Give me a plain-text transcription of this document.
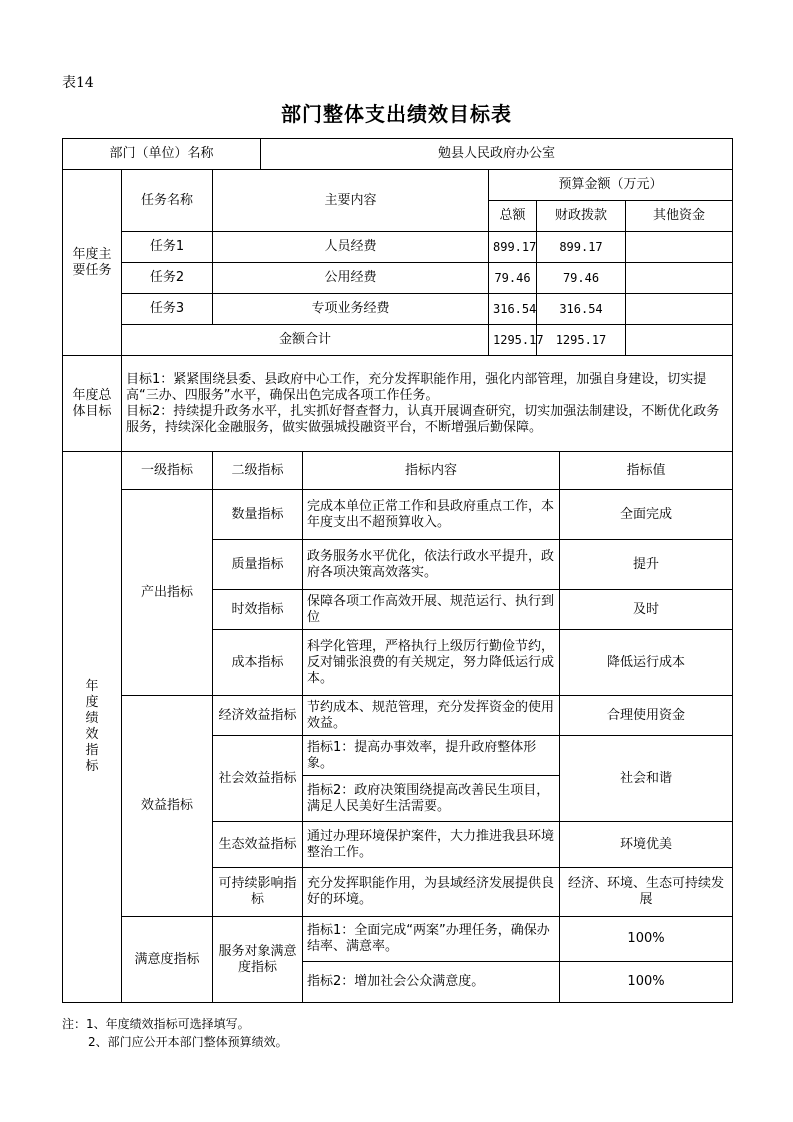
表14
部门整体支出绩效目标表
部门（单位）名称			勉县人民政府办公室					
年度主要任务	任务名称	主要内容			预算金额（万元）			
					总额	财政拨款		其他资金
	任务1	人员经费			899.17	899.17		
	任务2	公用经费			79.46	79.46		
	任务3	专项业务经费			316.54	316.54		
	金额合计				1295.17	1295.17		

年度总体目标	目标1：紧紧围绕县委、县政府中心工作，充分发挥职能作用，强化内部管理，加强自身建设，切实提高“三办、四服务”水平，确保出色完成各项工作任务。
目标2：持续提升政务水平，扎实抓好督查督力，认真开展调查研究，切实加强法制建设，不断优化政务服务，持续深化金融服务，做实做强城投融资平台，不断增强后勤保障。							

年度绩效指标	一级指标	二级指标		指标内容			指标值	
	产出指标	数量指标		完成本单位正常工作和县政府重点工作，本年度支出不超预算收入。			全面完成	
		质量指标		政务服务水平优化，依法行政水平提升，政府各项决策高效落实。			提升	
		时效指标		保障各项工作高效开展、规范运行、执行到位			及时	
		成本指标		科学化管理，严格执行上级厉行勤俭节约，反对铺张浪费的有关规定，努力降低运行成本。			降低运行成本	
	效益指标	经济效益指标		节约成本、规范管理，充分发挥资金的使用效益。			合理使用资金	
		社会效益指标		指标1：提高办事效率，提升政府整体形象。			社会和谐	
				指标2：政府决策围绕提高改善民生项目，满足人民美好生活需要。				
		生态效益指标		通过办理环境保护案件，大力推进我县环境整治工作。			环境优美	
		可持续影响指标		充分发挥职能作用，为县域经济发展提供良好的环境。			经济、环境、生态可持续发展	
	满意度指标	服务对象满意度指标		指标1：全面完成“两案”办理任务，确保办结率、满意率。			100%	
				指标2：增加社会公众满意度。			100%	
注：1、年度绩效指标可选择填写。
2、部门应公开本部门整体预算绩效。
